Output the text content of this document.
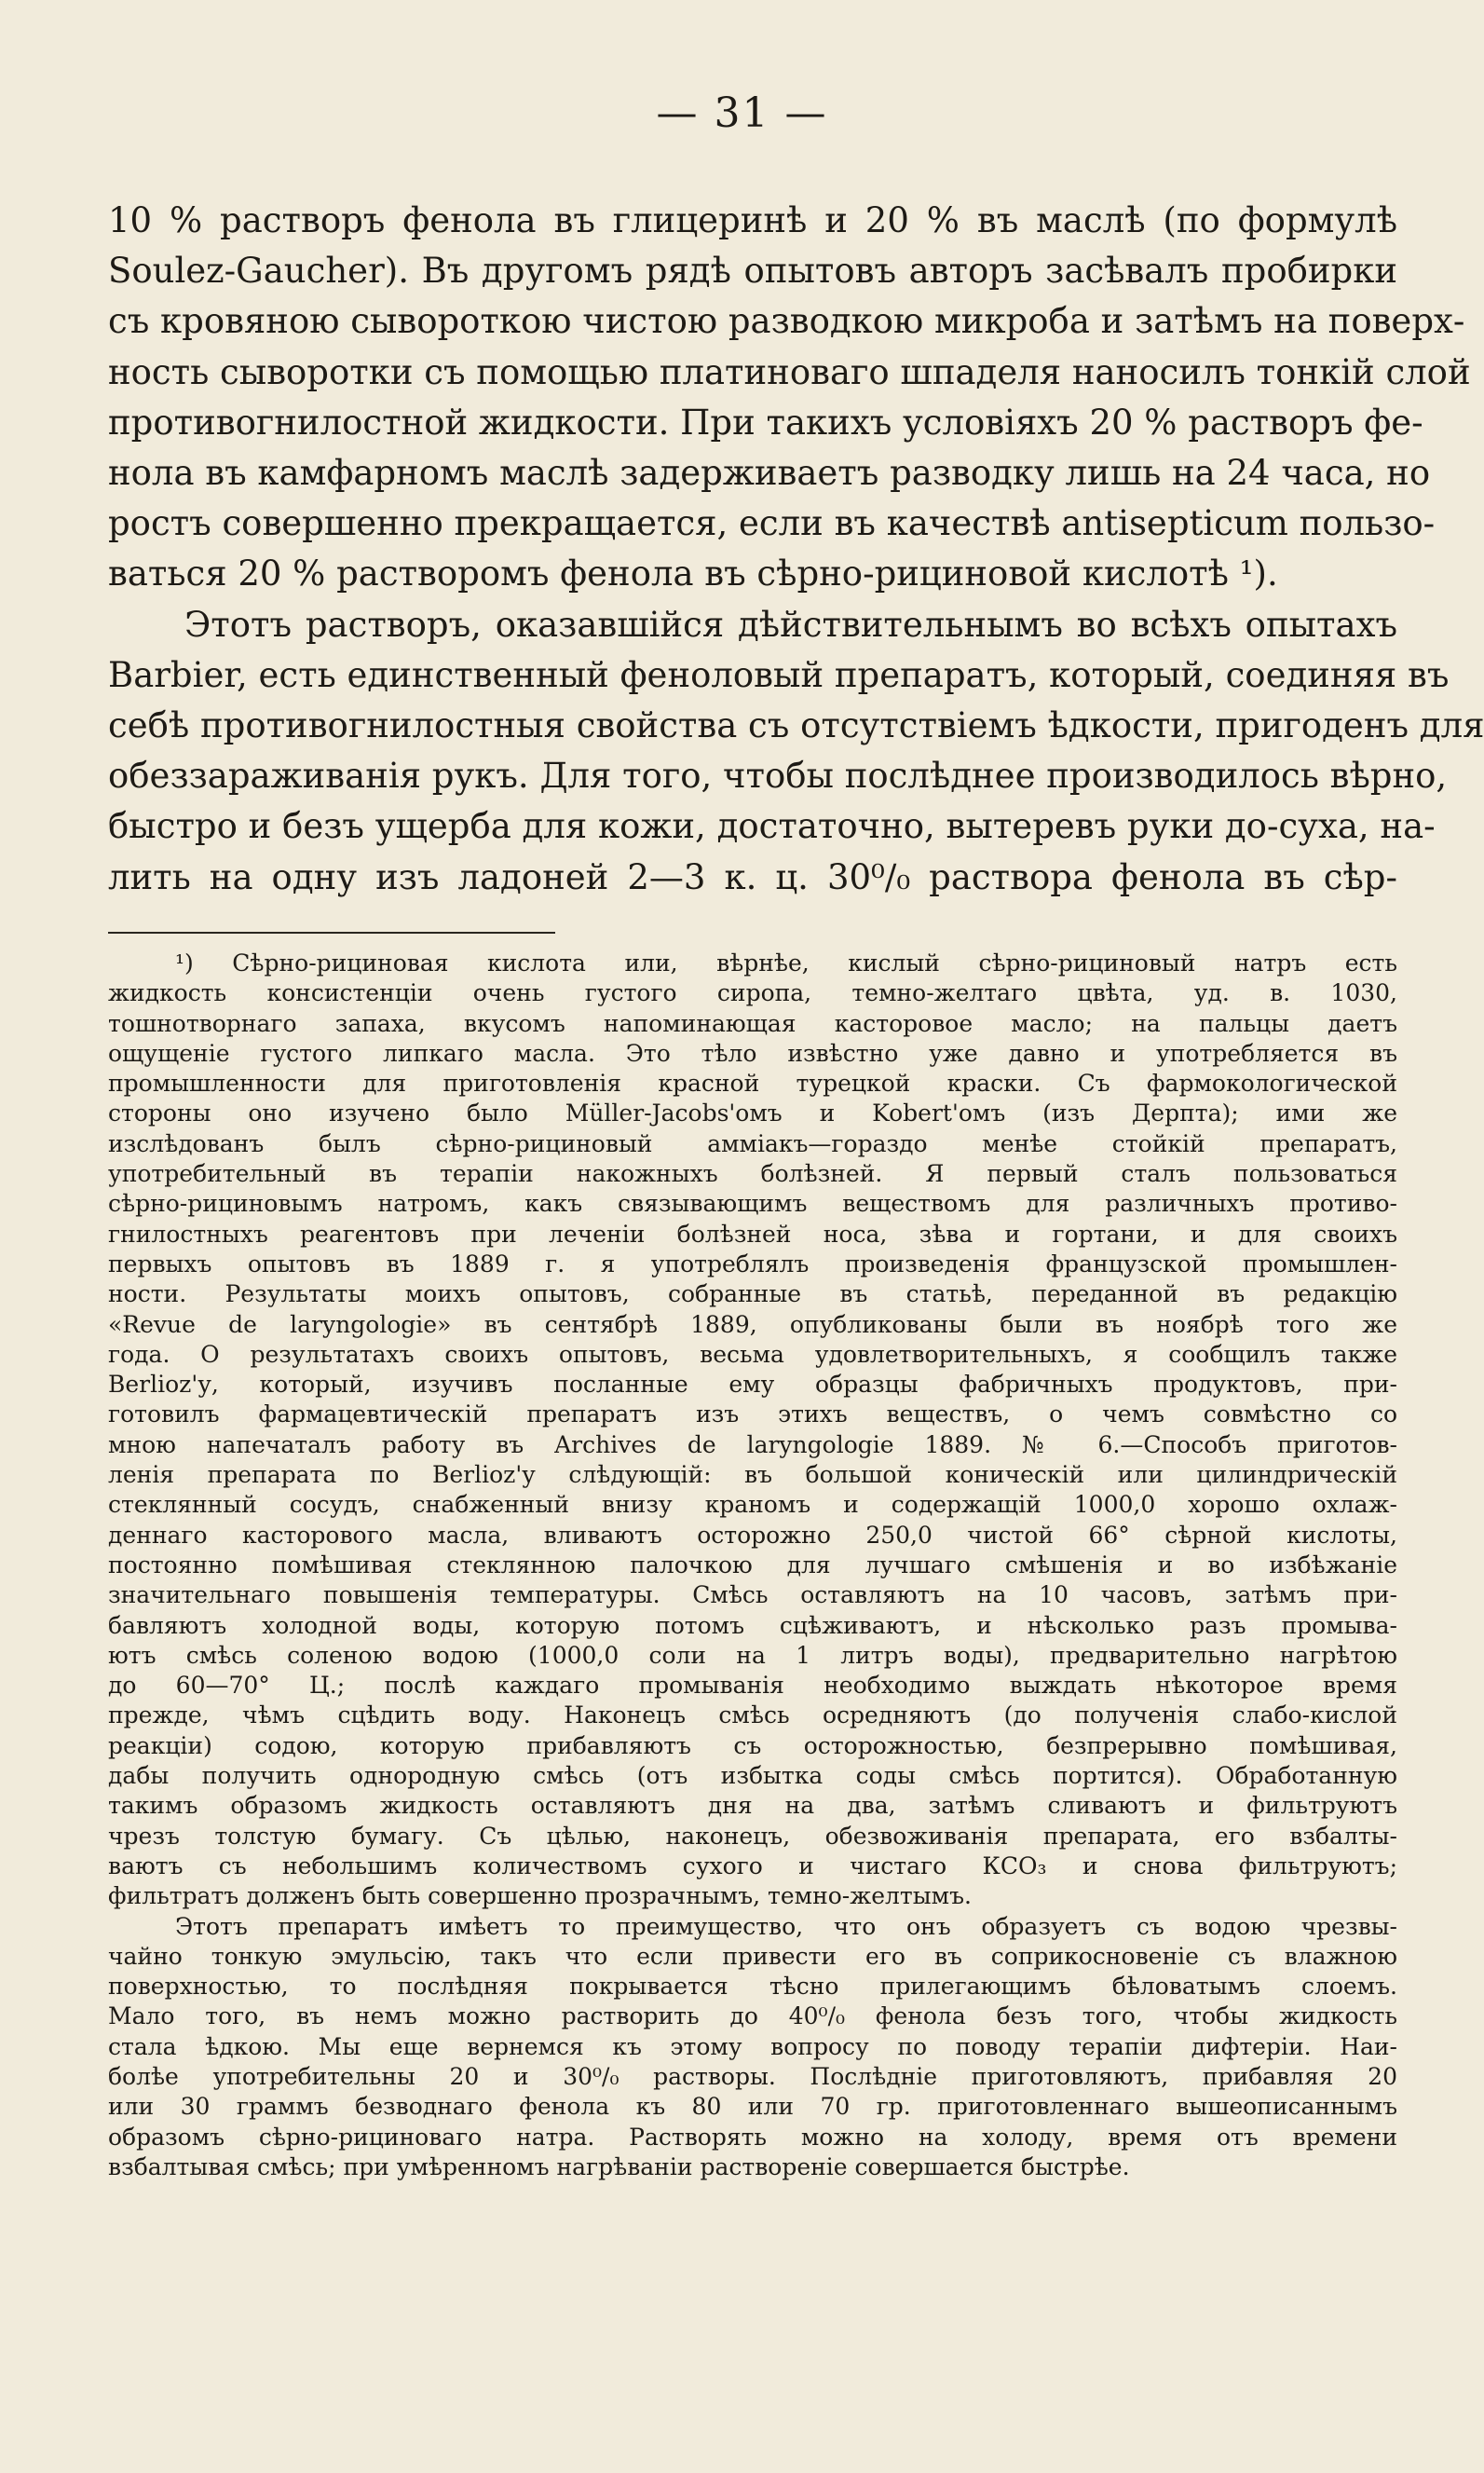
— 31 —
10 % растворъ фенола въ глицеринѣ и 20 % въ маслѣ (по формулѣ
Soulez-Gaucher). Въ другомъ рядѣ опытовъ авторъ засѣвалъ пробирки
съ кровяною сывороткою чистою разводкою микроба и затѣмъ на поверх-
ность сыворотки съ помощью платиноваго шпаделя наносилъ тонкій слой
противогнилостной жидкости. При такихъ условіяхъ 20 % растворъ фе-
нола въ камфарномъ маслѣ задерживаетъ разводку лишь на 24 часа, но
ростъ совершенно прекращается, если въ качествѣ antisepticum пользо-
ваться 20 % растворомъ фенола въ сѣрно-рициновой кислотѣ ¹).
Этотъ растворъ, оказавшійся дѣйствительнымъ во всѣхъ опытахъ
Barbier, есть единственный феноловый препаратъ, который, соединяя въ
себѣ противогнилостныя свойства съ отсутствіемъ ѣдкости, пригоденъ для
обеззараживанія рукъ. Для того, чтобы послѣднее производилось вѣрно,
быстро и безъ ущерба для кожи, достаточно, вытеревъ руки до-суха, на-
лить на одну изъ ладоней 2—3 к. ц. 30⁰/₀ раствора фенола въ сѣр-
¹) Сѣрно-рициновая кислота или, вѣрнѣе, кислый сѣрно-рициновый натръ есть
жидкость консистенціи очень густого сиропа, темно-желтаго цвѣта, уд. в. 1030,
тошнотворнаго запаха, вкусомъ напоминающая касторовое масло; на пальцы даетъ
ощущеніе густого липкаго масла. Это тѣло извѣстно уже давно и употребляется въ
промышленности для приготовленія красной турецкой краски. Съ фармокологической
стороны оно изучено было Müller-Jacobs'омъ и Kobert'омъ (изъ Дерпта); ими же
изслѣдованъ былъ сѣрно-рициновый амміакъ—гораздо менѣе стойкій препаратъ,
употребительный въ терапіи накожныхъ болѣзней. Я первый сталъ пользоваться
сѣрно-рициновымъ натромъ, какъ связывающимъ веществомъ для различныхъ противо-
гнилостныхъ реагентовъ при леченіи болѣзней носа, зѣва и гортани, и для своихъ
первыхъ опытовъ въ 1889 г. я употреблялъ произведенія французской промышлен-
ности. Результаты моихъ опытовъ, собранные въ статьѣ, переданной въ редакцію
«Revue de laryngologie» въ сентябрѣ 1889, опубликованы были въ ноябрѣ того же
года. О результатахъ своихъ опытовъ, весьма удовлетворительныхъ, я сообщилъ также
Berlioz'у, который, изучивъ посланные ему образцы фабричныхъ продуктовъ, при-
готовилъ фармацевтическій препаратъ изъ этихъ веществъ, о чемъ совмѣстно со
мною напечаталъ работу въ Archives de laryngologie 1889. № 6.—Способъ приготов-
ленія препарата по Berlioz'у слѣдующій: въ большой коническій или цилиндрическій
стеклянный сосудъ, снабженный внизу краномъ и содержащій 1000,0 хорошо охлаж-
деннаго касторового масла, вливаютъ осторожно 250,0 чистой 66° сѣрной кислоты,
постоянно помѣшивая стеклянною палочкою для лучшаго смѣшенія и во избѣжаніе
значительнаго повышенія температуры. Смѣсь оставляютъ на 10 часовъ, затѣмъ при-
бавляютъ холодной воды, которую потомъ сцѣживаютъ, и нѣсколько разъ промыва-
ютъ смѣсь соленою водою (1000,0 соли на 1 литръ воды), предварительно нагрѣтою
до 60—70° Ц.; послѣ каждаго промыванія необходимо выждать нѣкоторое время
прежде, чѣмъ сцѣдить воду. Наконецъ смѣсь осредняютъ (до полученія слабо-кислой
реакціи) содою, которую прибавляютъ съ осторожностью, безпрерывно помѣшивая,
дабы получить однородную смѣсь (отъ избытка соды смѣсь портится). Обработанную
такимъ образомъ жидкость оставляютъ дня на два, затѣмъ сливаютъ и фильтруютъ
чрезъ толстую бумагу. Съ цѣлью, наконецъ, обезвоживанія препарата, его взбалты-
ваютъ съ небольшимъ количествомъ сухого и чистаго КСО₃ и снова фильтруютъ;
фильтратъ долженъ быть совершенно прозрачнымъ, темно-желтымъ.
Этотъ препаратъ имѣетъ то преимущество, что онъ образуетъ съ водою чрезвы-
чайно тонкую эмульсію, такъ что если привести его въ соприкосновеніе съ влажною
поверхностью, то послѣдняя покрывается тѣсно прилегающимъ бѣловатымъ слоемъ.
Мало того, въ немъ можно растворить до 40⁰/₀ фенола безъ того, чтобы жидкость
стала ѣдкою. Мы еще вернемся къ этому вопросу по поводу терапіи дифтеріи. Наи-
болѣе употребительны 20 и 30⁰/₀ растворы. Послѣдніе приготовляютъ, прибавляя 20
или 30 граммъ безводнаго фенола къ 80 или 70 гр. приготовленнаго вышеописаннымъ
образомъ сѣрно-рициноваго натра. Растворять можно на холоду, время отъ времени
взбалтывая смѣсь; при умѣренномъ нагрѣваніи раствореніе совершается быстрѣе.
